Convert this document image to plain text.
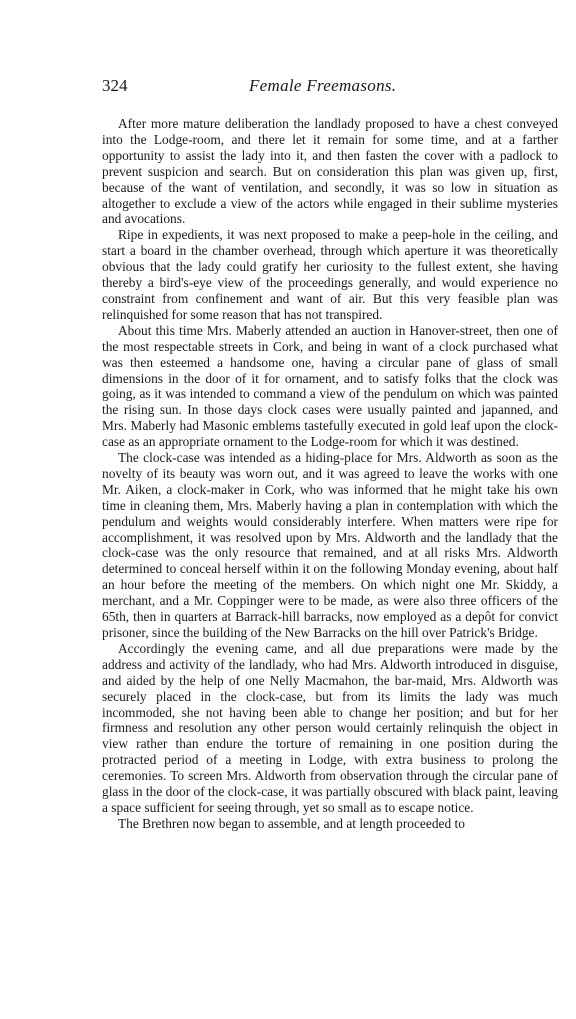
324	Female Freemasons.

After more mature deliberation the landlady proposed to have a chest conveyed into the Lodge-room, and there let it remain for some time, and at a farther opportunity to assist the lady into it, and then fasten the cover with a padlock to prevent suspicion and search. But on consideration this plan was given up, first, because of the want of ventilation, and secondly, it was so low in situation as altogether to exclude a view of the actors while engaged in their sublime mysteries and avocations.

Ripe in expedients, it was next proposed to make a peep-hole in the ceiling, and start a board in the chamber overhead, through which aperture it was theoretically obvious that the lady could gratify her curiosity to the fullest extent, she having thereby a bird's-eye view of the proceedings generally, and would experience no constraint from confinement and want of air. But this very feasible plan was relinquished for some reason that has not transpired.

About this time Mrs. Maberly attended an auction in Hanover-street, then one of the most respectable streets in Cork, and being in want of a clock purchased what was then esteemed a handsome one, having a circular pane of glass of small dimensions in the door of it for ornament, and to satisfy folks that the clock was going, as it was intended to command a view of the pendulum on which was painted the rising sun. In those days clock cases were usually painted and japanned, and Mrs. Maberly had Masonic emblems tastefully executed in gold leaf upon the clock-case as an appropriate ornament to the Lodge-room for which it was destined.

The clock-case was intended as a hiding-place for Mrs. Aldworth as soon as the novelty of its beauty was worn out, and it was agreed to leave the works with one Mr. Aiken, a clock-maker in Cork, who was informed that he might take his own time in cleaning them, Mrs. Maberly having a plan in contemplation with which the pendulum and weights would considerably interfere. When matters were ripe for accomplishment, it was resolved upon by Mrs. Aldworth and the landlady that the clock-case was the only resource that remained, and at all risks Mrs. Aldworth determined to conceal herself within it on the following Monday evening, about half an hour before the meeting of the members. On which night one Mr. Skiddy, a merchant, and a Mr. Coppinger were to be made, as were also three officers of the 65th, then in quarters at Barrack-hill barracks, now employed as a depôt for convict prisoner, since the building of the New Barracks on the hill over Patrick's Bridge.

Accordingly the evening came, and all due preparations were made by the address and activity of the landlady, who had Mrs. Aldworth introduced in disguise, and aided by the help of one Nelly Macmahon, the bar-maid, Mrs. Aldworth was securely placed in the clock-case, but from its limits the lady was much incommoded, she not having been able to change her position; and but for her firmness and resolution any other person would certainly relinquish the object in view rather than endure the torture of remaining in one position during the protracted period of a meeting in Lodge, with extra business to prolong the ceremonies. To screen Mrs. Aldworth from observation through the circular pane of glass in the door of the clock-case, it was partially obscured with black paint, leaving a space sufficient for seeing through, yet so small as to escape notice.

The Brethren now began to assemble, and at length proceeded to
